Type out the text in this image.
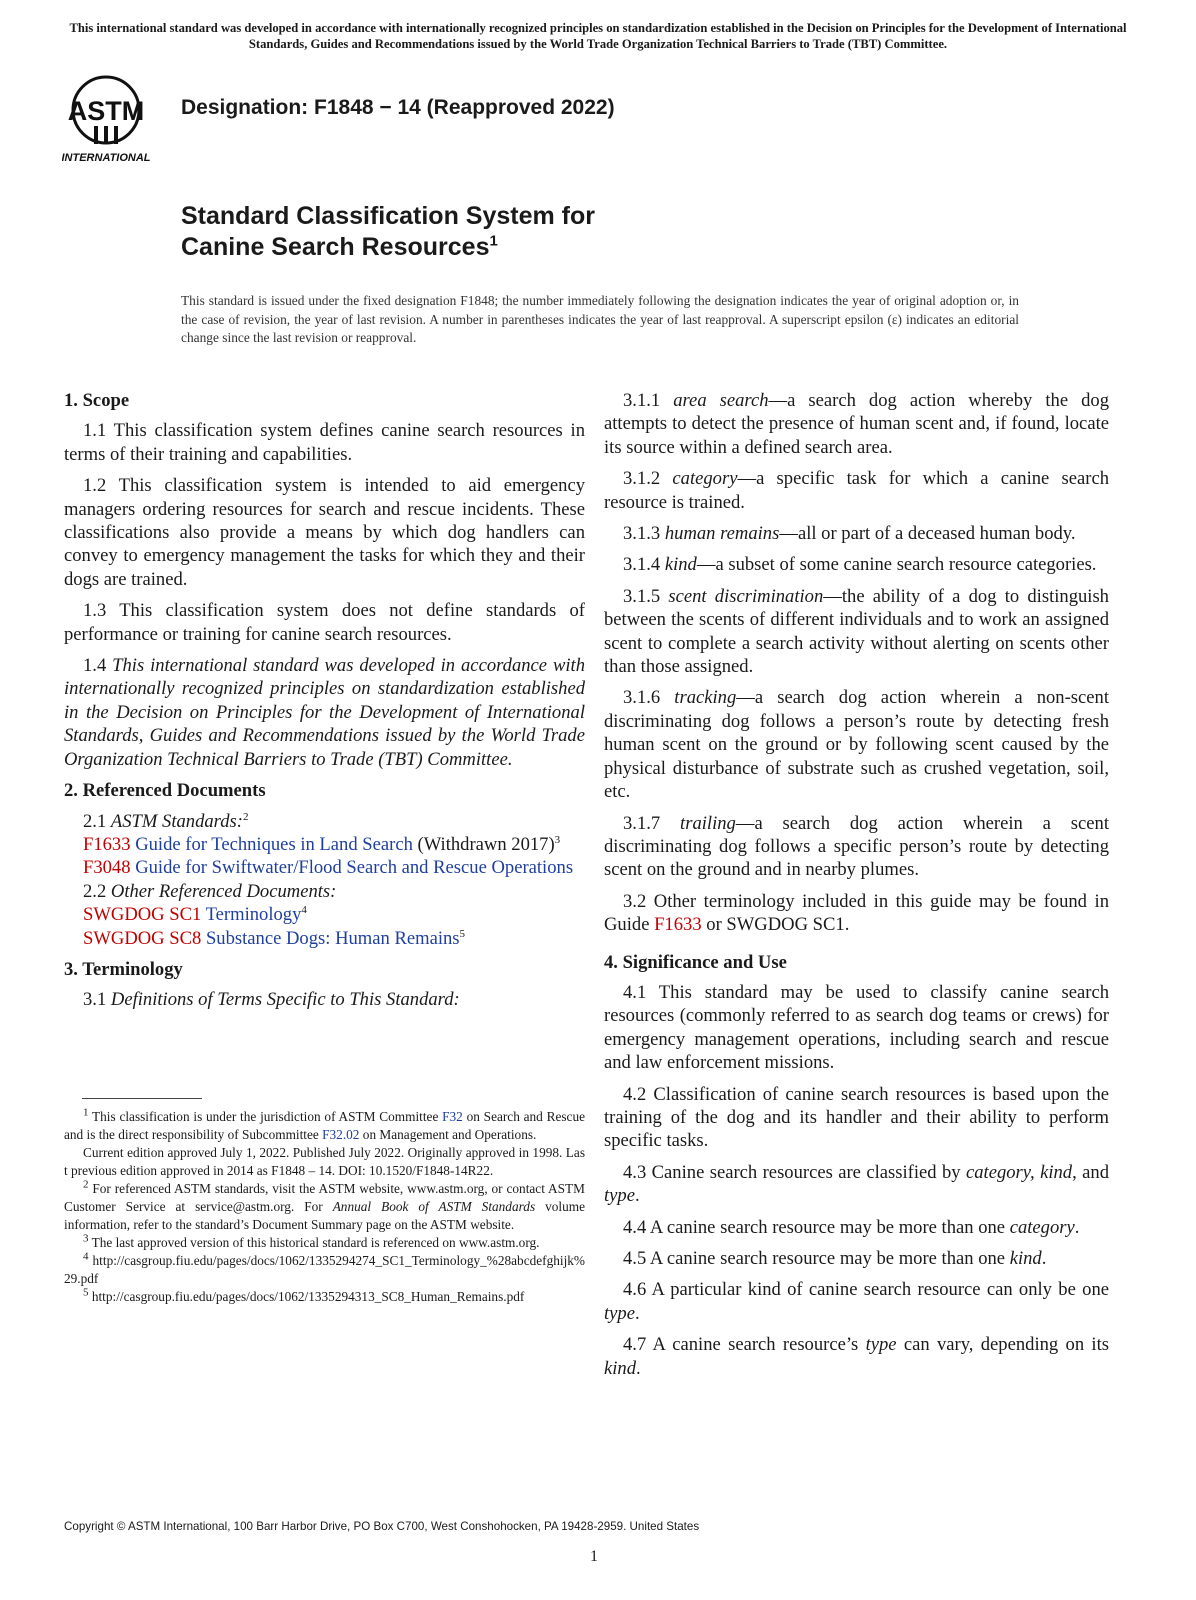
This international standard was developed in accordance with internationally recognized principles on standardization established in the Decision on Principles for the Development of International Standards, Guides and Recommendations issued by the World Trade Organization Technical Barriers to Trade (TBT) Committee.
ASTM
INTERNATIONAL
Designation: F1848 − 14 (Reapproved 2022)
Standard Classification System for
Canine Search Resources$^1$
This standard is issued under the fixed designation F1848; the number immediately following the designation indicates the year of original adoption or, in the case of revision, the year of last revision. A number in parentheses indicates the year of last reapproval. A superscript epsilon (ε) indicates an editorial change since the last revision or reapproval.
1. Scope

1.1 This classification system defines canine search resources in terms of their training and capabilities.

1.2 This classification system is intended to aid emergency managers ordering resources for search and rescue incidents. These classifications also provide a means by which dog handlers can convey to emergency management the tasks for which they and their dogs are trained.

1.3 This classification system does not define standards of performance or training for canine search resources.

1.4 This international standard was developed in accordance with internationally recognized principles on standardization established in the Decision on Principles for the Development of International Standards, Guides and Recommendations issued by the World Trade Organization Technical Barriers to Trade (TBT) Committee.

2. Referenced Documents

2.1 ASTM Standards:$^2$

F1633 Guide for Techniques in Land Search (Withdrawn 2017)$^3$

F3048 Guide for Swiftwater/Flood Search and Rescue Operations

2.2 Other Referenced Documents:

SWGDOG SC1 Terminology$^4$

SWGDOG SC8 Substance Dogs: Human Remains$^5$

3. Terminology

3.1 Definitions of Terms Specific to This Standard:

$^1$ This classification is under the jurisdiction of ASTM Committee F32 on Search and Rescue and is the direct responsibility of Subcommittee F32.02 on Management and Operations.

Current edition approved July 1, 2022. Published July 2022. Originally approved in 1998. Last previous edition approved in 2014 as F1848 – 14. DOI: 10.1520/F1848-14R22.

$^2$ For referenced ASTM standards, visit the ASTM website, www.astm.org, or contact ASTM Customer Service at service@astm.org. For Annual Book of ASTM Standards volume information, refer to the standard’s Document Summary page on the ASTM website.

$^3$ The last approved version of this historical standard is referenced on www.astm.org.

$^4$ http://casgroup.fiu.edu/pages/docs/1062/1335294274_SC1_Terminology_%28abcdefghijk%29.pdf

$^5$ http://casgroup.fiu.edu/pages/docs/1062/1335294313_SC8_Human_Remains.pdf

3.1.1 area search—a search dog action whereby the dog attempts to detect the presence of human scent and, if found, locate its source within a defined search area.

3.1.2 category—a specific task for which a canine search resource is trained.

3.1.3 human remains—all or part of a deceased human body.

3.1.4 kind—a subset of some canine search resource categories.

3.1.5 scent discrimination—the ability of a dog to distinguish between the scents of different individuals and to work an assigned scent to complete a search activity without alerting on scents other than those assigned.

3.1.6 tracking—a search dog action wherein a non-scent discriminating dog follows a person’s route by detecting fresh human scent on the ground or by following scent caused by the physical disturbance of substrate such as crushed vegetation, soil, etc.

3.1.7 trailing—a search dog action wherein a scent discriminating dog follows a specific person’s route by detecting scent on the ground and in nearby plumes.

3.2 Other terminology included in this guide may be found in Guide F1633 or SWGDOG SC1.

4. Significance and Use

4.1 This standard may be used to classify canine search resources (commonly referred to as search dog teams or crews) for emergency management operations, including search and rescue and law enforcement missions.

4.2 Classification of canine search resources is based upon the training of the dog and its handler and their ability to perform specific tasks.

4.3 Canine search resources are classified by category, kind, and type.

4.4 A canine search resource may be more than one category.

4.5 A canine search resource may be more than one kind.

4.6 A particular kind of canine search resource can only be one type.

4.7 A canine search resource’s type can vary, depending on its kind.

Copyright © ASTM International, 100 Barr Harbor Drive, PO Box C700, West Conshohocken, PA 19428-2959. United States
1
